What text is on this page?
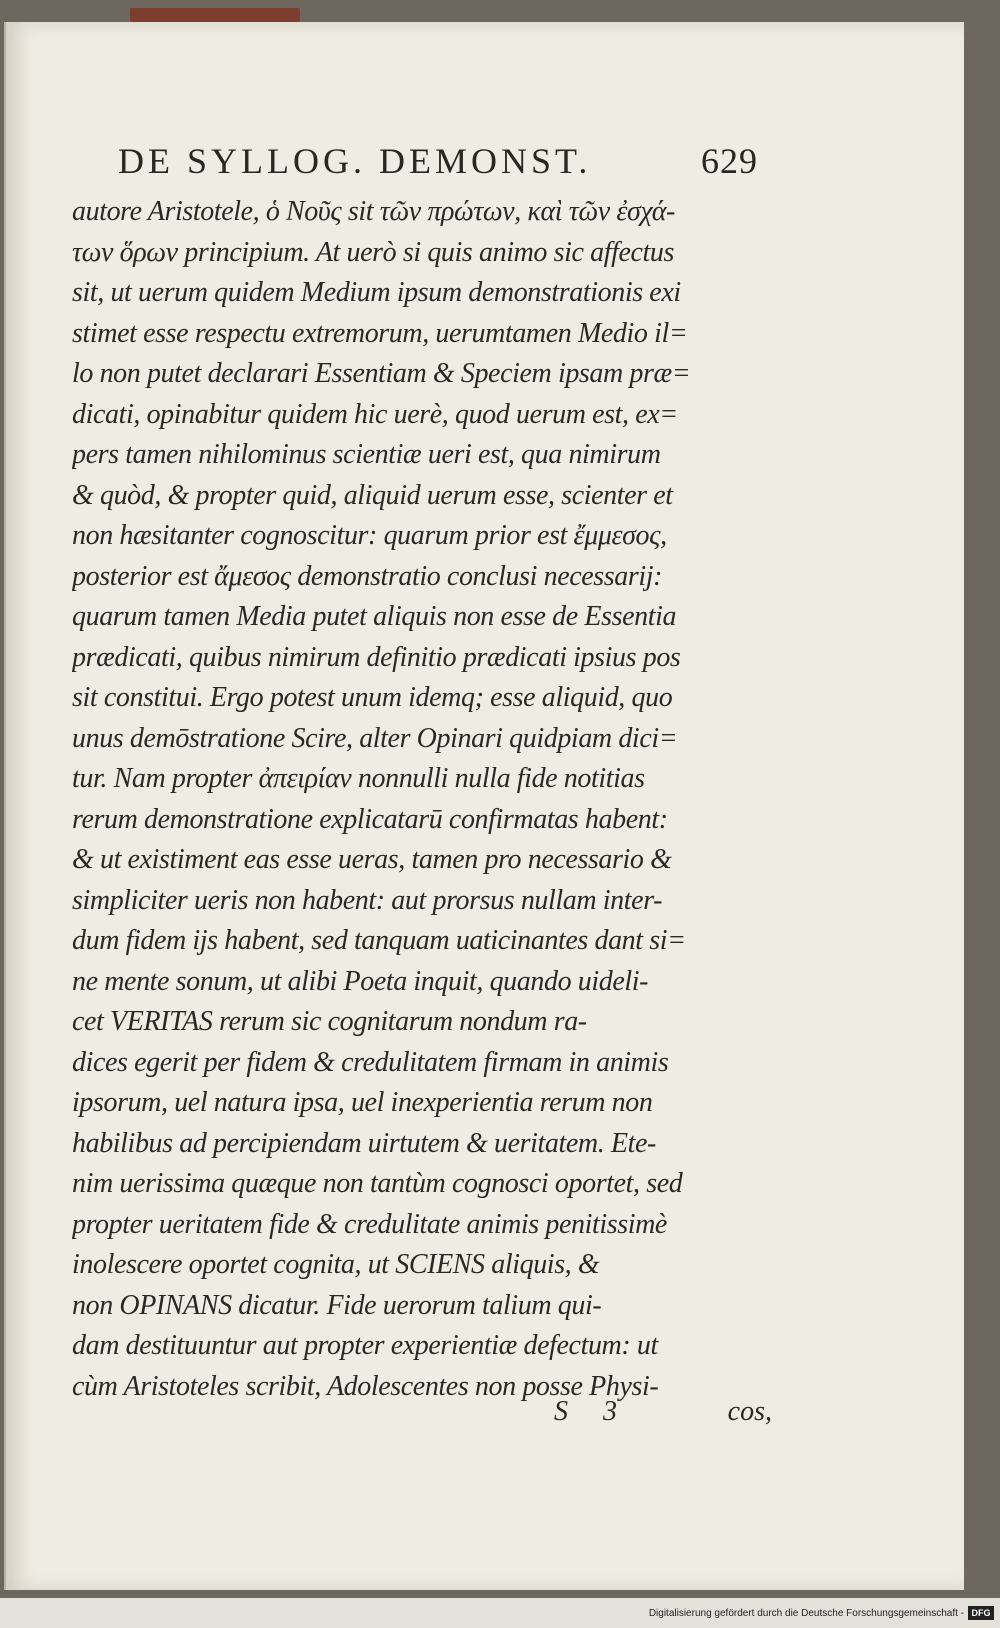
DE SYLLOG. DEMONST.	629
autore Aristotele, ὁ Νοῦς sit τῶν πρώτων, καὶ τῶν ἐσχά-
των ὅρων principium. At uerò si quis animo sic affectus
sit, ut uerum quidem Medium ipsum demonstrationis exi
stimet esse respectu extremorum, uerumtamen Medio il=
lo non putet declarari Essentiam & Speciem ipsam præ=
dicati, opinabitur quidem hic uerè, quod uerum est, ex=
pers tamen nihilominus scientiæ ueri est, qua nimirum
& quòd, & propter quid, aliquid uerum esse, scienter et
non hæsitanter cognoscitur: quarum prior est ἔμμεσος,
posterior est ἄμεσος demonstratio conclusi necessarij:
quarum tamen Media putet aliquis non esse de Essentia
prædicati, quibus nimirum definitio prædicati ipsius pos
sit constitui. Ergo potest unum idemq; esse aliquid, quo
unus demōstratione Scire, alter Opinari quidpiam dici=
tur. Nam propter ἀπειρίαν nonnulli nulla fide notitias
rerum demonstratione explicatarū confirmatas habent:
& ut existiment eas esse ueras, tamen pro necessario &
simpliciter ueris non habent: aut prorsus nullam inter-
dum fidem ijs habent, sed tanquam uaticinantes dant si=
ne mente sonum, ut alibi Poeta inquit, quando uideli-
cet VERITAS rerum sic cognitarum nondum ra-
dices egerit per fidem & credulitatem firmam in animis
ipsorum, uel natura ipsa, uel inexperientia rerum non
habilibus ad percipiendam uirtutem & ueritatem. Ete-
nim uerissima quæque non tantùm cognosci oportet, sed
propter ueritatem fide & credulitate animis penitissimè
inolescere oportet cognita, ut SCIENS aliquis, &
non OPINANS dicatur. Fide uerorum talium qui-
dam destituuntur aut propter experientiæ defectum: ut
cùm Aristoteles scribit, Adolescentes non posse Physi-
S 3	cos,
Digitalisierung gefördert durch die Deutsche Forschungsgemeinschaft - DFG
